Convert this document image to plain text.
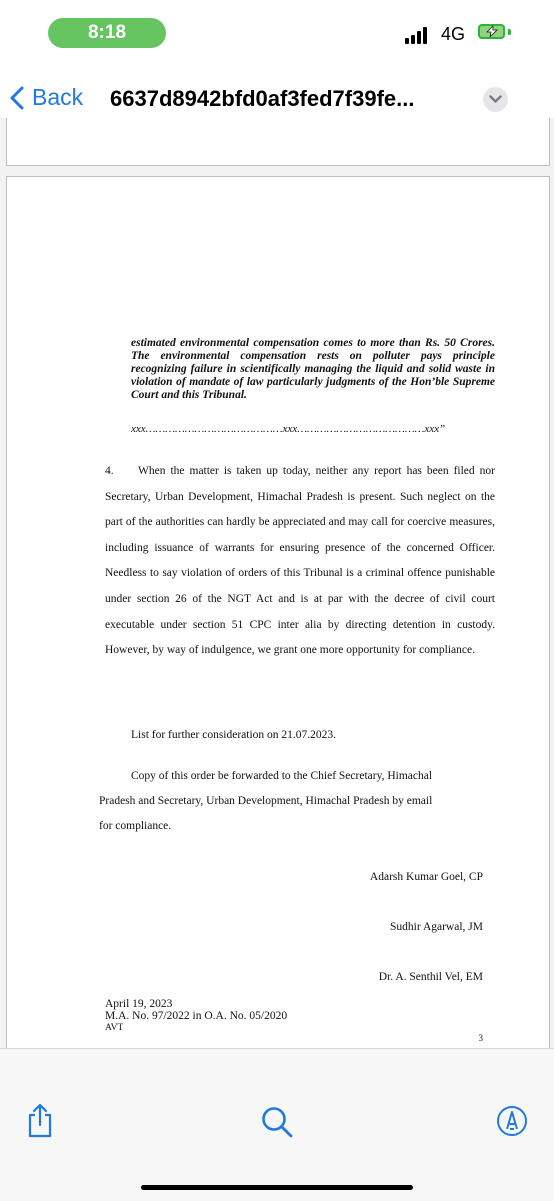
8:18	4G
Back 6637d8942bfd0af3fed7f39fe...
estimated environmental compensation comes to more than Rs. 50 Crores. The environmental compensation rests on polluter pays principle recognizing failure in scientifically managing the liquid and solid waste in violation of mandate of law particularly judgments of the Hon’ble Supreme Court and this Tribunal.
xxx……………………………………xxx…………………………………xxx”
4. When the matter is taken up today, neither any report has been filed nor Secretary, Urban Development, Himachal Pradesh is present. Such neglect on the part of the authorities can hardly be appreciated and may call for coercive measures, including issuance of warrants for ensuring presence of the concerned Officer. Needless to say violation of orders of this Tribunal is a criminal offence punishable under section 26 of the NGT Act and is at par with the decree of civil court executable under section 51 CPC inter alia by directing detention in custody. However, by way of indulgence, we grant one more opportunity for compliance.
List for further consideration on 21.07.2023.
Copy of this order be forwarded to the Chief Secretary, Himachal
Pradesh and Secretary, Urban Development, Himachal Pradesh by email
for compliance.
Adarsh Kumar Goel, CP
Sudhir Agarwal, JM
Dr. A. Senthil Vel, EM
April 19, 2023
M.A. No. 97/2022 in O.A. No. 05/2020
AVT
3
